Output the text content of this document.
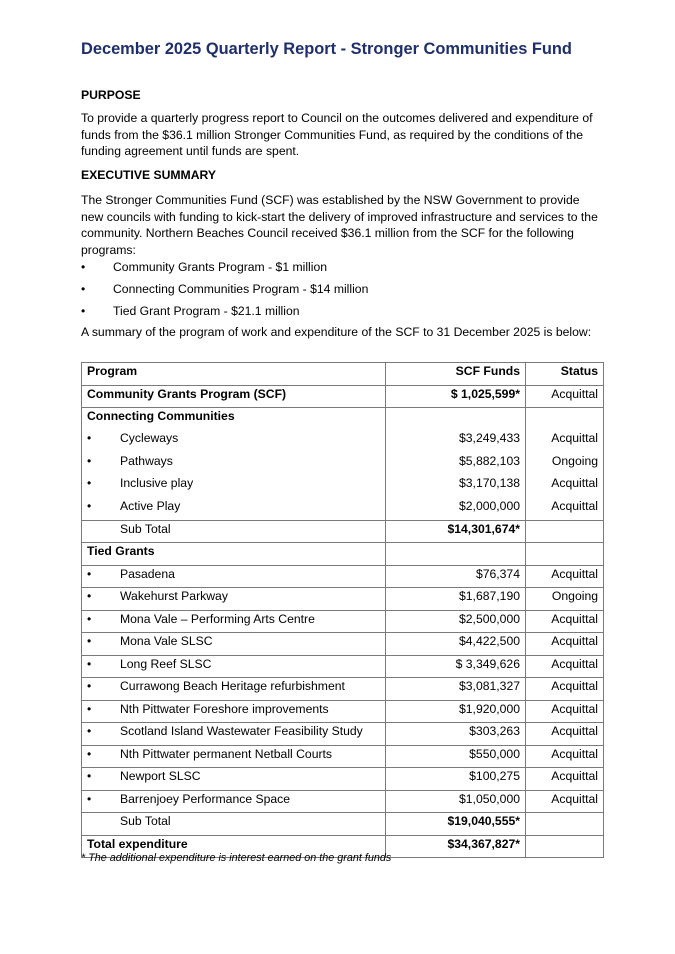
December 2025 Quarterly Report - Stronger Communities Fund

PURPOSE

To provide a quarterly progress report to Council on the outcomes delivered and expenditure of funds from the $36.1 million Stronger Communities Fund, as required by the conditions of the funding agreement until funds are spent.

EXECUTIVE SUMMARY

The Stronger Communities Fund (SCF) was established by the NSW Government to provide new councils with funding to kick-start the delivery of improved infrastructure and services to the community. Northern Beaches Council received $36.1 million from the SCF for the following programs:

•	Community Grants Program - $1 million
•	Connecting Communities Program - $14 million
•	Tied Grant Program - $21.1 million

A summary of the program of work and expenditure of the SCF to 31 December 2025 is below:

Program	SCF Funds	Status
Community Grants Program (SCF)	$ 1,025,599*	Acquittal
Connecting Communities		
• Cycleways	$3,249,433	Acquittal
• Pathways	$5,882,103	Ongoing
• Inclusive play	$3,170,138	Acquittal
• Active Play	$2,000,000	Acquittal
Sub Total	$14,301,674*	
Tied Grants		
• Pasadena	$76,374	Acquittal
• Wakehurst Parkway	$1,687,190	Ongoing
• Mona Vale – Performing Arts Centre	$2,500,000	Acquittal
• Mona Vale SLSC	$4,422,500	Acquittal
• Long Reef SLSC	$ 3,349,626	Acquittal
• Currawong Beach Heritage refurbishment	$3,081,327	Acquittal
• Nth Pittwater Foreshore improvements	$1,920,000	Acquittal
• Scotland Island Wastewater Feasibility Study	$303,263	Acquittal
• Nth Pittwater permanent Netball Courts	$550,000	Acquittal
• Newport SLSC	$100,275	Acquittal
• Barrenjoey Performance Space	$1,050,000	Acquittal
Sub Total	$19,040,555*	
Total expenditure	$34,367,827*	

* The additional expenditure is interest earned on the grant funds
